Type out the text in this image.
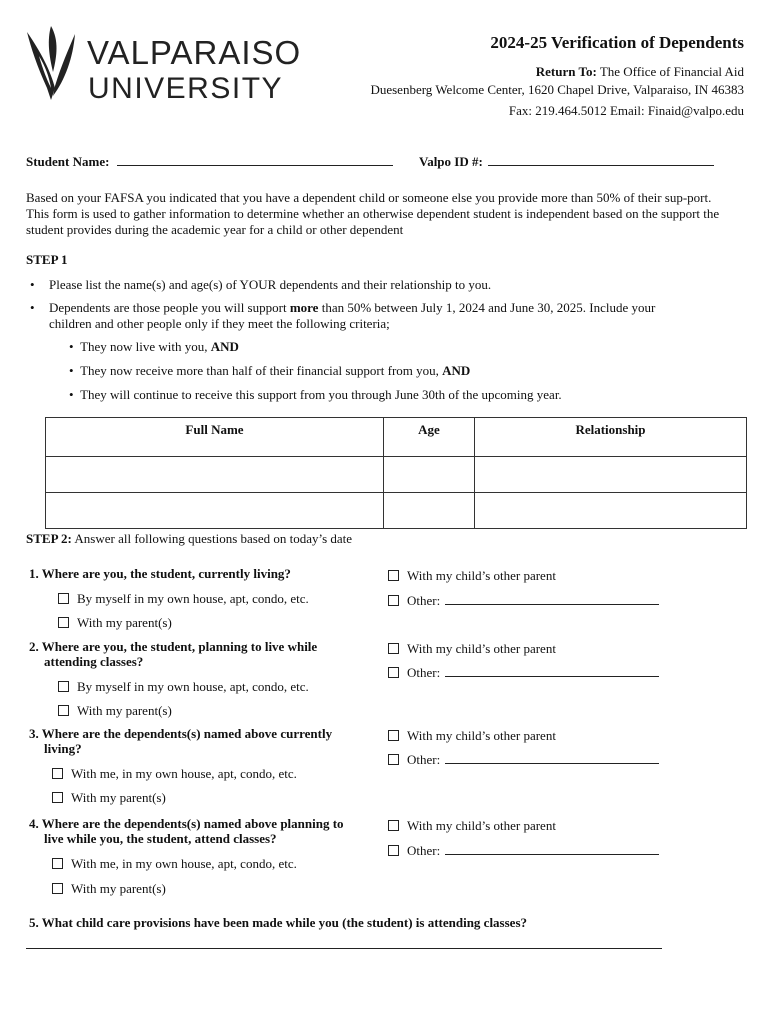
VALPARAISO
UNIVERSITY
2024-25 Verification of Dependents
Return To: The Office of Financial Aid
Duesenberg Welcome Center, 1620 Chapel Drive, Valparaiso, IN 46383
Fax: 219.464.5012 Email: Finaid@valpo.edu
Student Name:	Valpo ID #:
Based on your FAFSA you indicated that you have a dependent child or someone else you provide more than 50% of their sup-port. This form is used to gather information to determine whether an otherwise dependent student is independent based on the support the student provides during the academic year for a child or other dependent
STEP 1
• Please list the name(s) and age(s) of YOUR dependents and their relationship to you.
• Dependents are those people you will support more than 50% between July 1, 2024 and June 30, 2025. Include your
children and other people only if they meet the following criteria;
•  They now live with you, AND
•  They now receive more than half of their financial support from you, AND
•  They will continue to receive this support from you through June 30th of the upcoming year.
Full Name	Age	Relationship

STEP 2: Answer all following questions based on today’s date
1. Where are you, the student, currently living?
By myself in my own house, apt, condo, etc.
With my parent(s)
With my child’s other parent
Other:
2. Where are you, the student, planning to live while
attending classes?
By myself in my own house, apt, condo, etc.
With my parent(s)
With my child’s other parent
Other:
3. Where are the dependents(s) named above currently
living?
With me, in my own house, apt, condo, etc.
With my parent(s)
With my child’s other parent
Other:
4. Where are the dependents(s) named above planning to
live while you, the student, attend classes?
With me, in my own house, apt, condo, etc.
With my parent(s)
With my child’s other parent
Other:
5. What child care provisions have been made while you (the student) is attending classes?
